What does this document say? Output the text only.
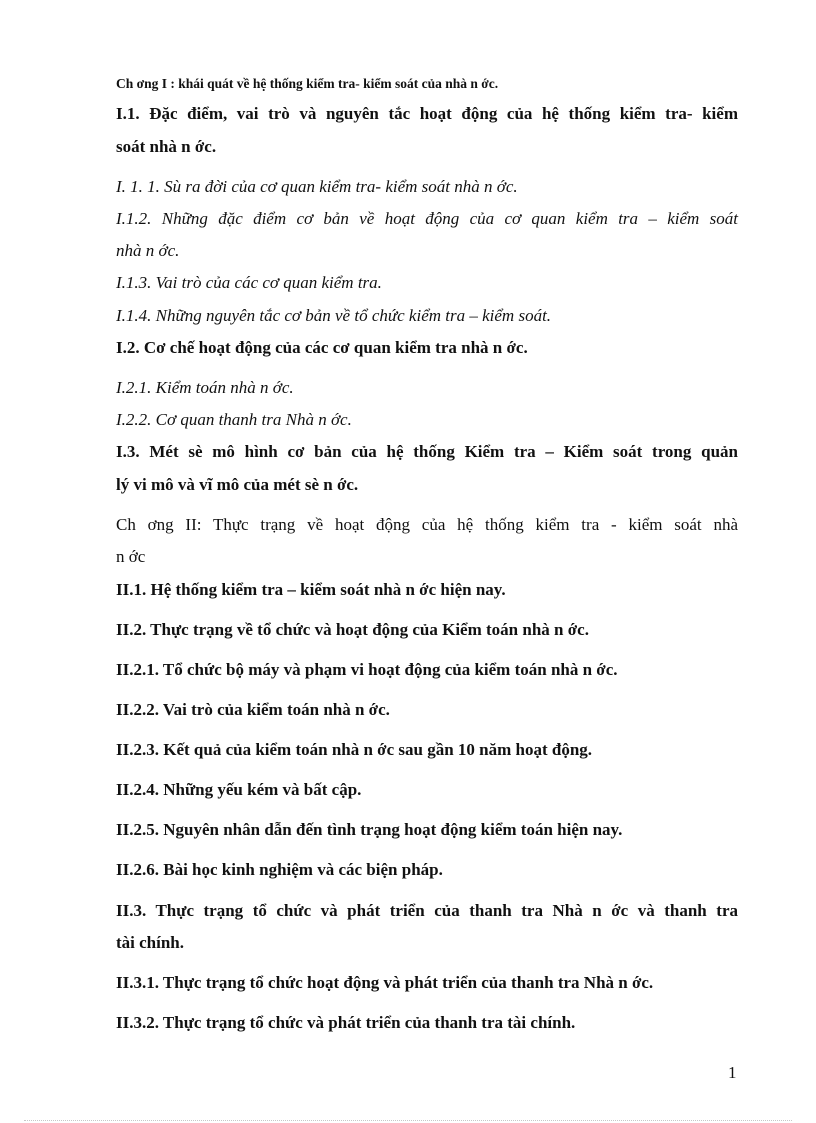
Ch ơng I : khái quát về hệ thống kiểm tra- kiểm soát của nhà n ớc.
I.1. Đặc điểm, vai trò và nguyên tắc hoạt động của hệ thống kiểm tra- kiểm
soát nhà n ớc.
I. 1. 1. Sù ra đời của cơ quan kiểm tra- kiểm soát nhà n ớc.
I.1.2. Những đặc điểm cơ bản về hoạt động của cơ quan kiểm tra – kiểm soát
nhà n ớc.
I.1.3. Vai trò của các cơ quan kiểm tra.
I.1.4. Những nguyên tắc cơ bản về tổ chức kiểm tra – kiểm soát.
I.2. Cơ chế hoạt động của các cơ quan kiểm tra nhà n ớc.
I.2.1. Kiểm toán nhà n ớc.
I.2.2. Cơ quan thanh tra Nhà n ớc.
I.3. Mét sè mô hình cơ bản của hệ thống Kiểm tra – Kiểm soát trong quản
lý vi mô và vĩ mô của mét sè n ớc.
Ch ơng II: Thực trạng về hoạt động của hệ thống kiểm tra - kiểm soát nhà
n ớc
II.1. Hệ thống kiểm tra – kiểm soát nhà n ớc hiện nay.
II.2. Thực trạng về tổ chức và hoạt động của Kiểm toán nhà n ớc.
II.2.1. Tổ chức bộ máy và phạm vi hoạt động của kiểm toán nhà n ớc.
II.2.2. Vai trò của kiểm toán nhà n ớc.
II.2.3. Kết quả của kiểm toán nhà n ớc sau gần 10 năm hoạt động.
II.2.4. Những yếu kém và bất cập.
II.2.5. Nguyên nhân dẫn đến tình trạng hoạt động kiểm toán hiện nay.
II.2.6. Bài học kinh nghiệm và các biện pháp.
II.3. Thực trạng tổ chức và phát triển của thanh tra Nhà n ớc và thanh tra
tài chính.
II.3.1. Thực trạng tổ chức hoạt động và phát triển của thanh tra Nhà n ớc.
II.3.2. Thực trạng tổ chức và phát triển của thanh tra tài chính.
1
